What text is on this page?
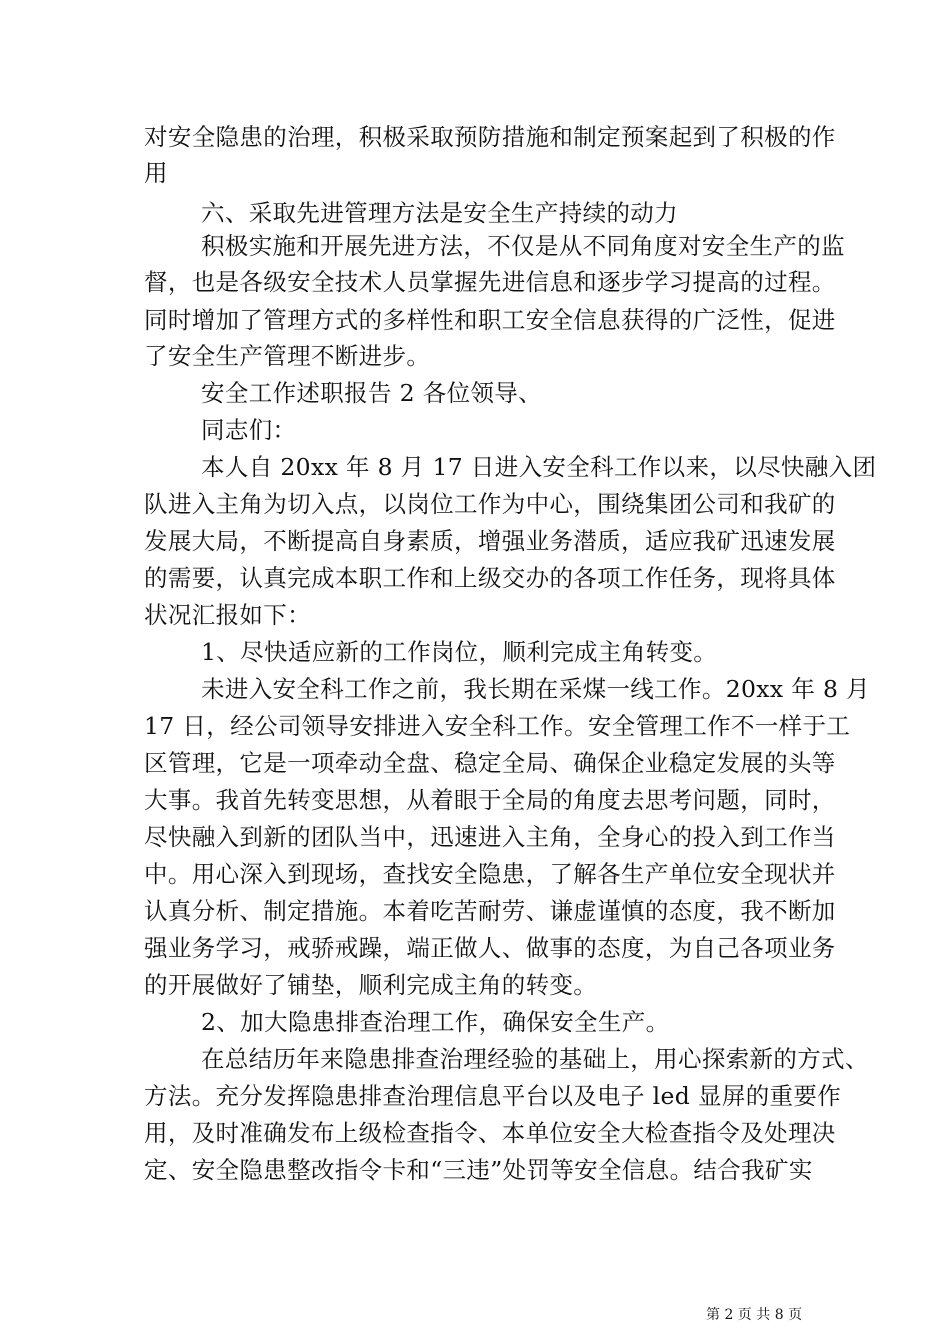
对安全隐患的治理，积极采取预防措施和制定预案起到了积极的作
用
六、采取先进管理方法是安全生产持续的动力
积极实施和开展先进方法，不仅是从不同角度对安全生产的监
督，也是各级安全技术人员掌握先进信息和逐步学习提高的过程。
同时增加了管理方式的多样性和职工安全信息获得的广泛性，促进
了安全生产管理不断进步。
安全工作述职报告 2 各位领导、
同志们：
本人自 20xx 年 8 月 17 日进入安全科工作以来，以尽快融入团
队进入主角为切入点，以岗位工作为中心，围绕集团公司和我矿的
发展大局，不断提高自身素质，增强业务潜质，适应我矿迅速发展
的需要，认真完成本职工作和上级交办的各项工作任务，现将具体
状况汇报如下：
1、尽快适应新的工作岗位，顺利完成主角转变。
未进入安全科工作之前，我长期在采煤一线工作。20xx 年 8 月
17 日，经公司领导安排进入安全科工作。安全管理工作不一样于工
区管理，它是一项牵动全盘、稳定全局、确保企业稳定发展的头等
大事。我首先转变思想，从着眼于全局的角度去思考问题，同时，
尽快融入到新的团队当中，迅速进入主角，全身心的投入到工作当
中。用心深入到现场，查找安全隐患，了解各生产单位安全现状并
认真分析、制定措施。本着吃苦耐劳、谦虚谨慎的态度，我不断加
强业务学习，戒骄戒躁，端正做人、做事的态度，为自己各项业务
的开展做好了铺垫，顺利完成主角的转变。
2、加大隐患排查治理工作，确保安全生产。
在总结历年来隐患排查治理经验的基础上，用心探索新的方式、
方法。充分发挥隐患排查治理信息平台以及电子 led 显屏的重要作
用，及时准确发布上级检查指令、本单位安全大检查指令及处理决
定、安全隐患整改指令卡和“三违”处罚等安全信息。结合我矿实
第 2 页 共 8 页
